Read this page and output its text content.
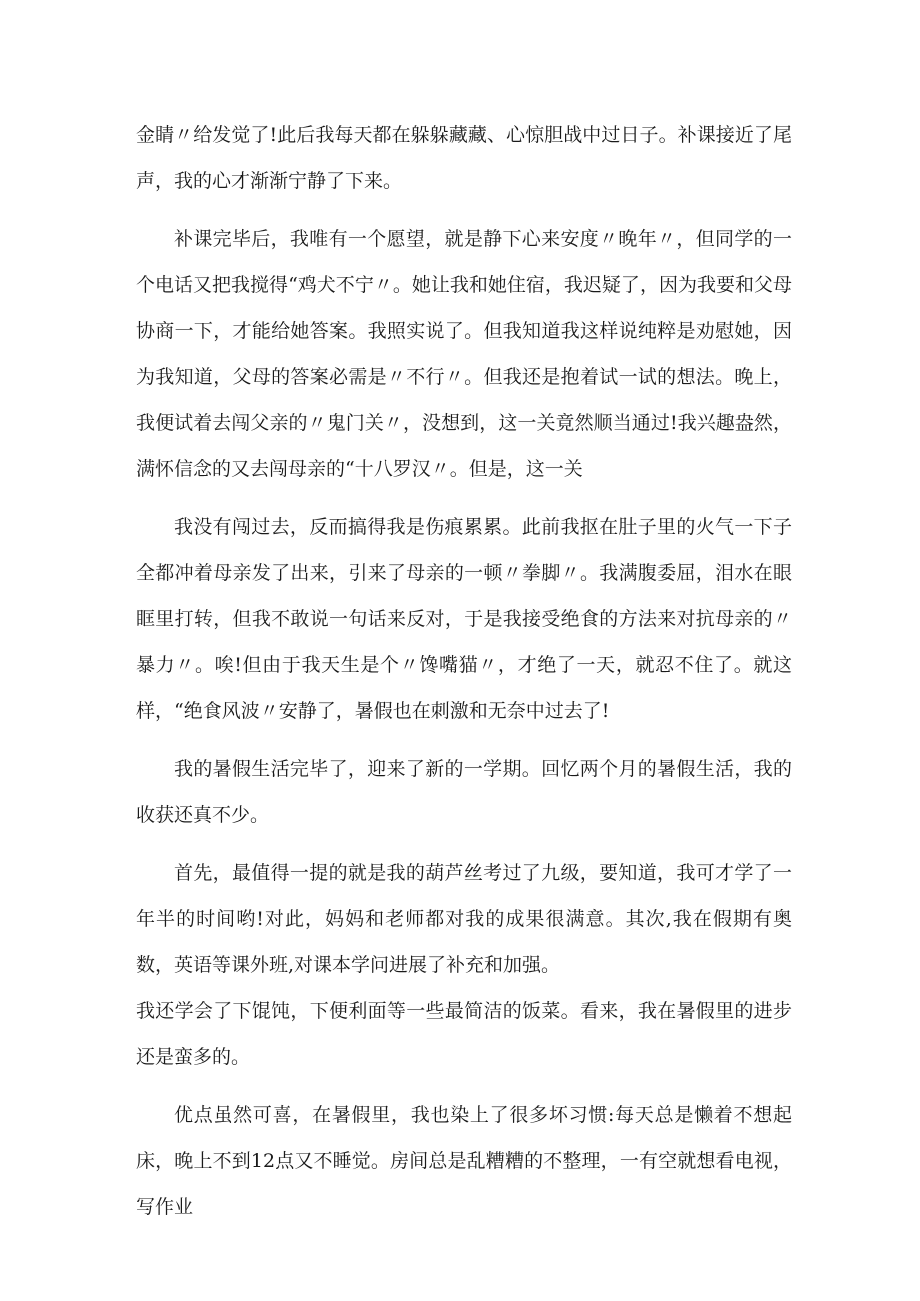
金睛〃给发觉了!此后我每天都在躲躲藏藏、心惊胆战中过日子。补课接近了尾声，我的心才渐渐宁静了下来。

补课完毕后，我唯有一个愿望，就是静下心来安度〃晚年〃，但同学的一个电话又把我搅得“鸡犬不宁〃。她让我和她住宿，我迟疑了，因为我要和父母协商一下，才能给她答案。我照实说了。但我知道我这样说纯粹是劝慰她，因为我知道，父母的答案必需是〃不行〃。但我还是抱着试一试的想法。晚上，我便试着去闯父亲的〃鬼门关〃，没想到，这一关竟然顺当通过!我兴趣盎然，满怀信念的又去闯母亲的“十八罗汉〃。但是，这一关

我没有闯过去，反而搞得我是伤痕累累。此前我抠在肚子里的火气一下子全都冲着母亲发了出来，引来了母亲的一顿〃拳脚〃。我满腹委屈，泪水在眼眶里打转，但我不敢说一句话来反对，于是我接受绝食的方法来对抗母亲的〃暴力〃。唉!但由于我天生是个〃馋嘴猫〃，才绝了一天，就忍不住了。就这样，“绝食风波〃安静了，暑假也在刺激和无奈中过去了!

我的暑假生活完毕了，迎来了新的一学期。回忆两个月的暑假生活，我的收获还真不少。

首先，最值得一提的就是我的葫芦丝考过了九级，要知道，我可才学了一年半的时间哟!对此，妈妈和老师都对我的成果很满意。其次,我在假期有奥数，英语等课外班,对课本学问进展了补充和加强。

我还学会了下馄饨，下便利面等一些最简洁的饭菜。看来，我在暑假里的进步还是蛮多的。

优点虽然可喜，在暑假里，我也染上了很多坏习惯:每天总是懒着不想起床，晚上不到12点又不睡觉。房间总是乱糟糟的不整理，一有空就想看电视，写作业
